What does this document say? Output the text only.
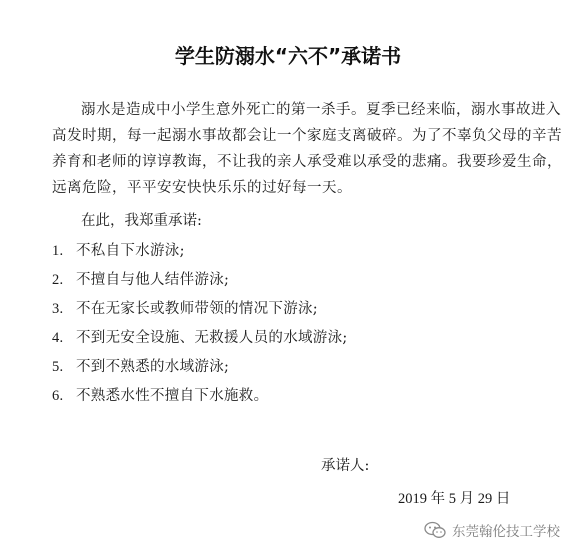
学生防溺水“六不”承诺书

溺水是造成中小学生意外死亡的第一杀手。夏季已经来临，溺水事故进入
高发时期，每一起溺水事故都会让一个家庭支离破碎。为了不辜负父母的辛苦
养育和老师的谆谆教诲，不让我的亲人承受难以承受的悲痛。我要珍爱生命，
远离危险，平平安安快快乐乐的过好每一天。

在此，我郑重承诺:
1. 不私自下水游泳;
2. 不擅自与他人结伴游泳;
3. 不在无家长或教师带领的情况下游泳;
4. 不到无安全设施、无救援人员的水域游泳;
5. 不到不熟悉的水域游泳;
6. 不熟悉水性不擅自下水施救。
承诺人:
2019 年 5 月 29 日
东莞翰伦技工学校
